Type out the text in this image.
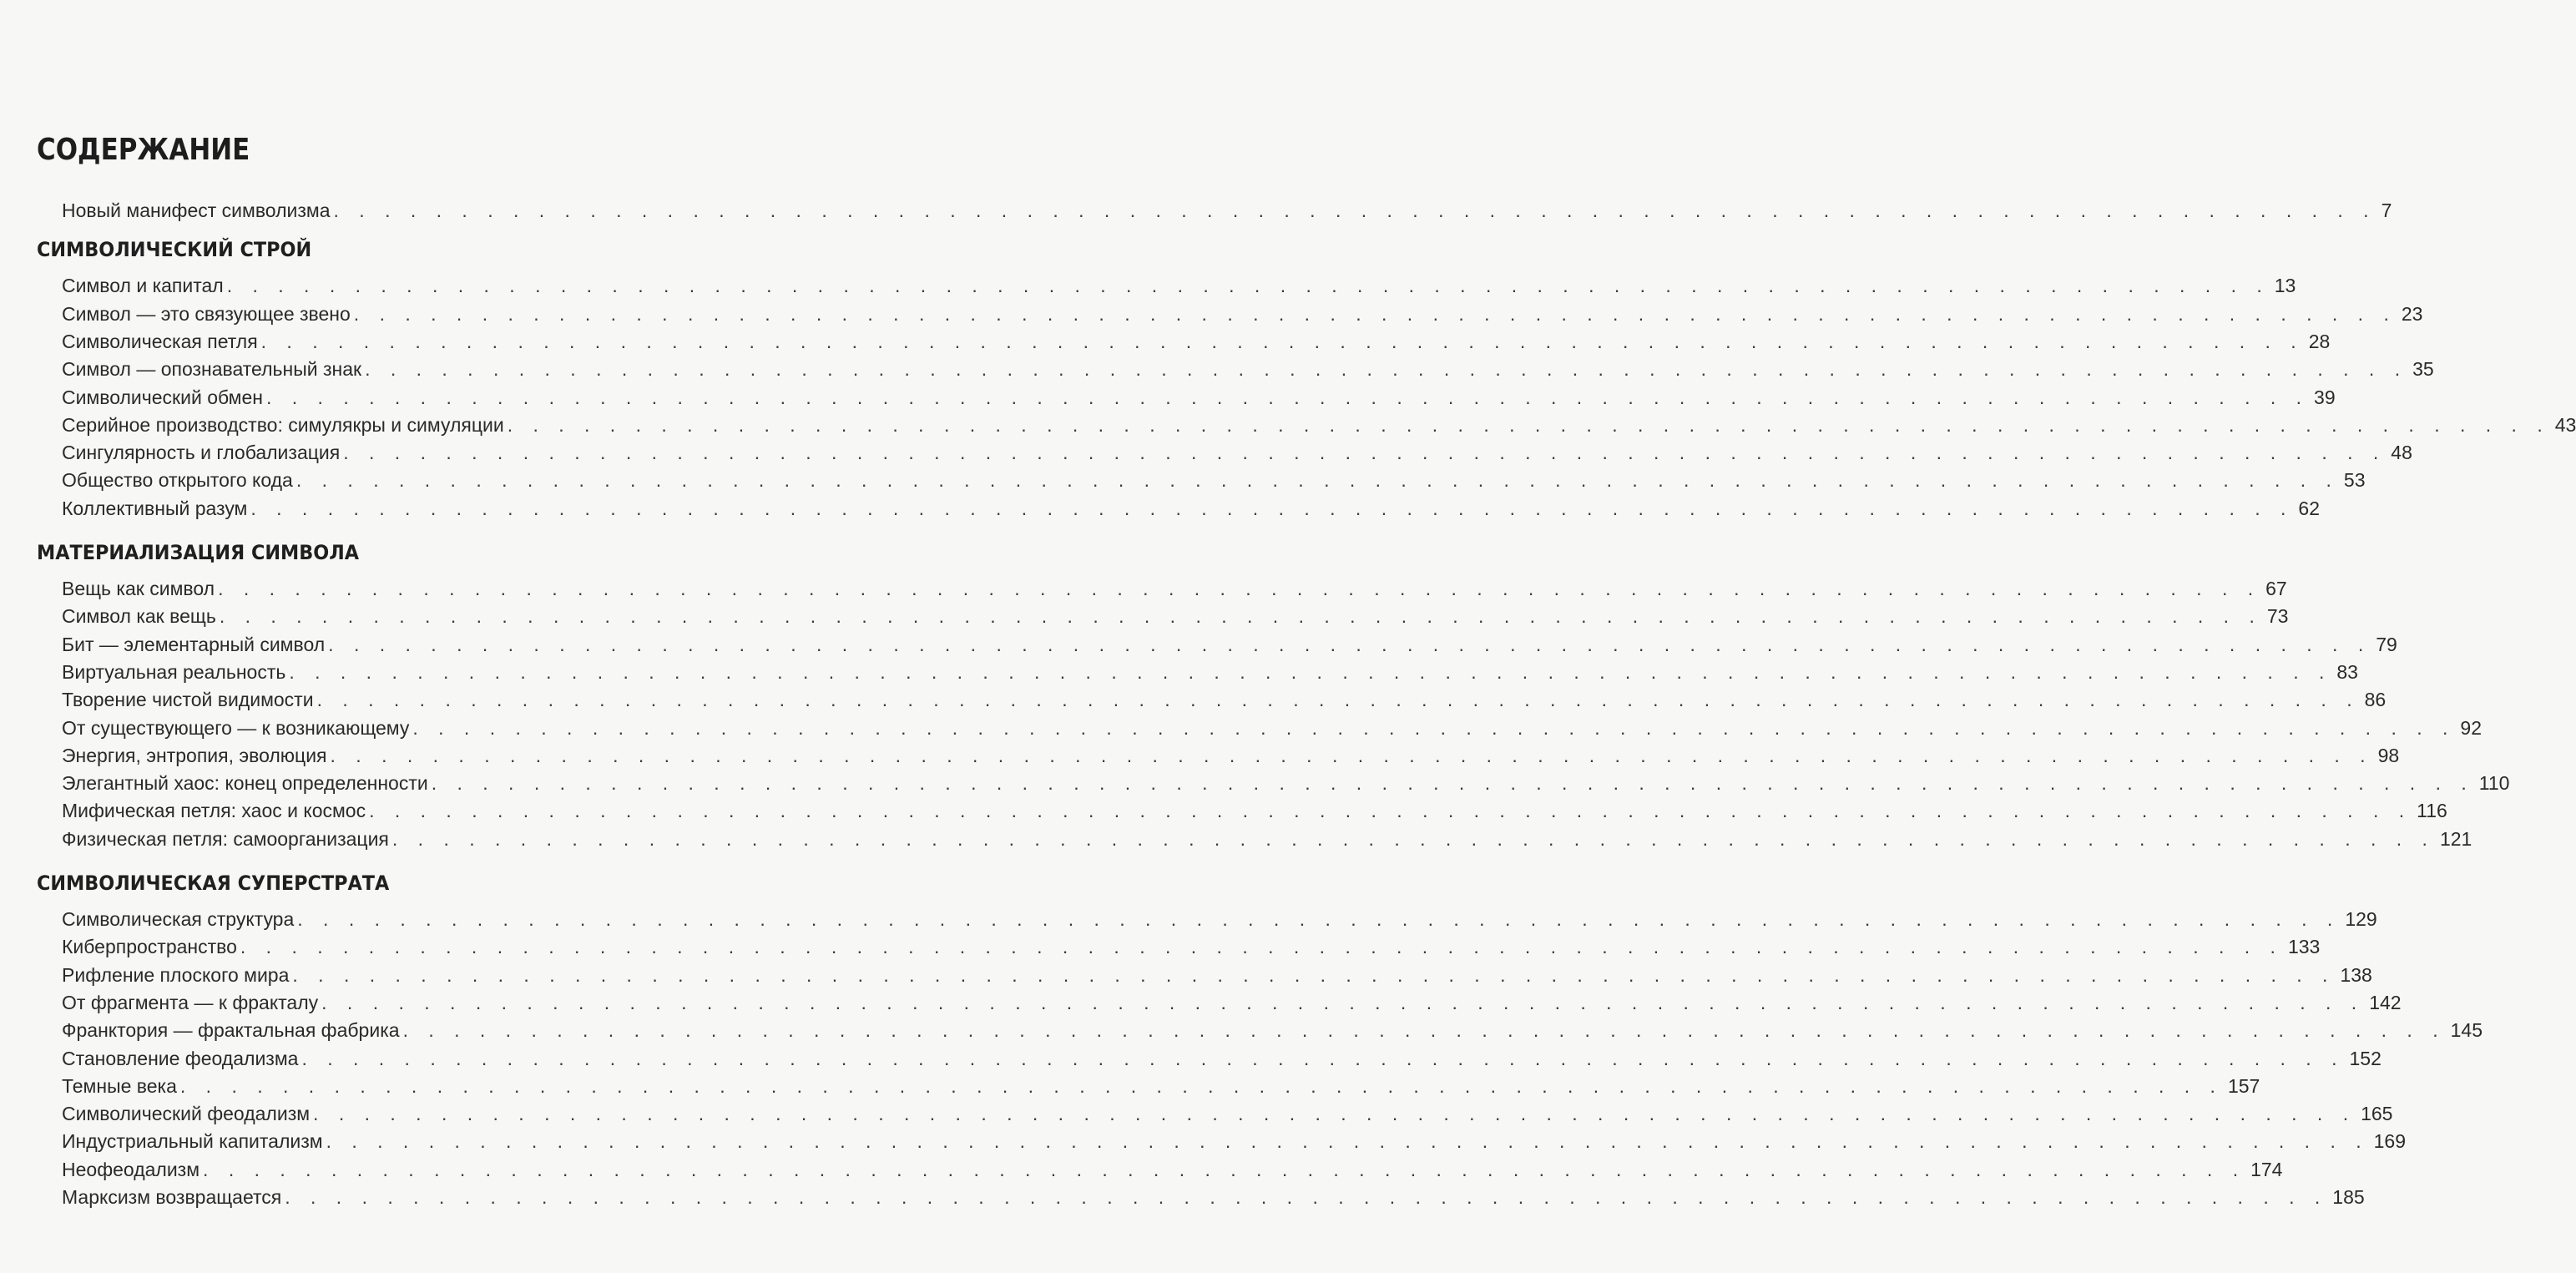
СОДЕРЖАНИЕ
Новый манифест символизма . . . . . . . . . . . . . . . . . . . . . . . . . . . . . . . . . . . . . . . . . . . . . . . . . . . . . . . . . . . . . . . . . . . . . . . . . . . . . . . . 7
СИМВОЛИЧЕСКИЙ СТРОЙ
Символ и капитал . . . . . . . . . . . . . . . . . . . . . . . . . . . . . . . . . . . . . . . . . . . . . . . . . . . . . . . . . . . . . . . . . . . . . . . . . . . . . . . . 13
Символ — это связующее звено . . . . . . . . . . . . . . . . . . . . . . . . . . . . . . . . . . . . . . . . . . . . . . . . . . . . . . . . . . . . . . . . . . . . . . . . . . . . . . . . 23
Символическая петля . . . . . . . . . . . . . . . . . . . . . . . . . . . . . . . . . . . . . . . . . . . . . . . . . . . . . . . . . . . . . . . . . . . . . . . . . . . . . . . . 28
Символ — опознавательный знак . . . . . . . . . . . . . . . . . . . . . . . . . . . . . . . . . . . . . . . . . . . . . . . . . . . . . . . . . . . . . . . . . . . . . . . . . . . . . . . . 35
Символический обмен . . . . . . . . . . . . . . . . . . . . . . . . . . . . . . . . . . . . . . . . . . . . . . . . . . . . . . . . . . . . . . . . . . . . . . . . . . . . . . . . 39
Серийное производство: симулякры и симуляции . . . . . . . . . . . . . . . . . . . . . . . . . . . . . . . . . . . . . . . . . . . . . . . . . . . . . . . . . . . . . . . . . . . . . . . . . . . . . . . . 43
Сингулярность и глобализация . . . . . . . . . . . . . . . . . . . . . . . . . . . . . . . . . . . . . . . . . . . . . . . . . . . . . . . . . . . . . . . . . . . . . . . . . . . . . . . . 48
Общество открытого кода . . . . . . . . . . . . . . . . . . . . . . . . . . . . . . . . . . . . . . . . . . . . . . . . . . . . . . . . . . . . . . . . . . . . . . . . . . . . . . . . 53
Коллективный разум . . . . . . . . . . . . . . . . . . . . . . . . . . . . . . . . . . . . . . . . . . . . . . . . . . . . . . . . . . . . . . . . . . . . . . . . . . . . . . . . 62
МАТЕРИАЛИЗАЦИЯ СИМВОЛА
Вещь как символ . . . . . . . . . . . . . . . . . . . . . . . . . . . . . . . . . . . . . . . . . . . . . . . . . . . . . . . . . . . . . . . . . . . . . . . . . . . . . . . . 67
Символ как вещь . . . . . . . . . . . . . . . . . . . . . . . . . . . . . . . . . . . . . . . . . . . . . . . . . . . . . . . . . . . . . . . . . . . . . . . . . . . . . . . . 73
Бит — элементарный символ . . . . . . . . . . . . . . . . . . . . . . . . . . . . . . . . . . . . . . . . . . . . . . . . . . . . . . . . . . . . . . . . . . . . . . . . . . . . . . . . 79
Виртуальная реальность . . . . . . . . . . . . . . . . . . . . . . . . . . . . . . . . . . . . . . . . . . . . . . . . . . . . . . . . . . . . . . . . . . . . . . . . . . . . . . . . 83
Творение чистой видимости . . . . . . . . . . . . . . . . . . . . . . . . . . . . . . . . . . . . . . . . . . . . . . . . . . . . . . . . . . . . . . . . . . . . . . . . . . . . . . . . 86
От существующего — к возникающему . . . . . . . . . . . . . . . . . . . . . . . . . . . . . . . . . . . . . . . . . . . . . . . . . . . . . . . . . . . . . . . . . . . . . . . . . . . . . . . . 92
Энергия, энтропия, эволюция . . . . . . . . . . . . . . . . . . . . . . . . . . . . . . . . . . . . . . . . . . . . . . . . . . . . . . . . . . . . . . . . . . . . . . . . . . . . . . . . 98
Элегантный хаос: конец определенности . . . . . . . . . . . . . . . . . . . . . . . . . . . . . . . . . . . . . . . . . . . . . . . . . . . . . . . . . . . . . . . . . . . . . . . . . . . . . . . . 110
Мифическая петля: хаос и космос . . . . . . . . . . . . . . . . . . . . . . . . . . . . . . . . . . . . . . . . . . . . . . . . . . . . . . . . . . . . . . . . . . . . . . . . . . . . . . . . 116
Физическая петля: самоорганизация . . . . . . . . . . . . . . . . . . . . . . . . . . . . . . . . . . . . . . . . . . . . . . . . . . . . . . . . . . . . . . . . . . . . . . . . . . . . . . . . 121
СИМВОЛИЧЕСКАЯ СУПЕРСТРАТА
Символическая структура . . . . . . . . . . . . . . . . . . . . . . . . . . . . . . . . . . . . . . . . . . . . . . . . . . . . . . . . . . . . . . . . . . . . . . . . . . . . . . . . 129
Киберпространство . . . . . . . . . . . . . . . . . . . . . . . . . . . . . . . . . . . . . . . . . . . . . . . . . . . . . . . . . . . . . . . . . . . . . . . . . . . . . . . . 133
Рифление плоского мира . . . . . . . . . . . . . . . . . . . . . . . . . . . . . . . . . . . . . . . . . . . . . . . . . . . . . . . . . . . . . . . . . . . . . . . . . . . . . . . . 138
От фрагмента — к фракталу . . . . . . . . . . . . . . . . . . . . . . . . . . . . . . . . . . . . . . . . . . . . . . . . . . . . . . . . . . . . . . . . . . . . . . . . . . . . . . . . 142
Франктория — фрактальная фабрика . . . . . . . . . . . . . . . . . . . . . . . . . . . . . . . . . . . . . . . . . . . . . . . . . . . . . . . . . . . . . . . . . . . . . . . . . . . . . . . . 145
Становление феодализма . . . . . . . . . . . . . . . . . . . . . . . . . . . . . . . . . . . . . . . . . . . . . . . . . . . . . . . . . . . . . . . . . . . . . . . . . . . . . . . . 152
Темные века . . . . . . . . . . . . . . . . . . . . . . . . . . . . . . . . . . . . . . . . . . . . . . . . . . . . . . . . . . . . . . . . . . . . . . . . . . . . . . . . 157
Символический феодализм . . . . . . . . . . . . . . . . . . . . . . . . . . . . . . . . . . . . . . . . . . . . . . . . . . . . . . . . . . . . . . . . . . . . . . . . . . . . . . . . 165
Индустриальный капитализм . . . . . . . . . . . . . . . . . . . . . . . . . . . . . . . . . . . . . . . . . . . . . . . . . . . . . . . . . . . . . . . . . . . . . . . . . . . . . . . . 169
Неофеодализм . . . . . . . . . . . . . . . . . . . . . . . . . . . . . . . . . . . . . . . . . . . . . . . . . . . . . . . . . . . . . . . . . . . . . . . . . . . . . . . . 174
Марксизм возвращается . . . . . . . . . . . . . . . . . . . . . . . . . . . . . . . . . . . . . . . . . . . . . . . . . . . . . . . . . . . . . . . . . . . . . . . . . . . . . . . . 185
